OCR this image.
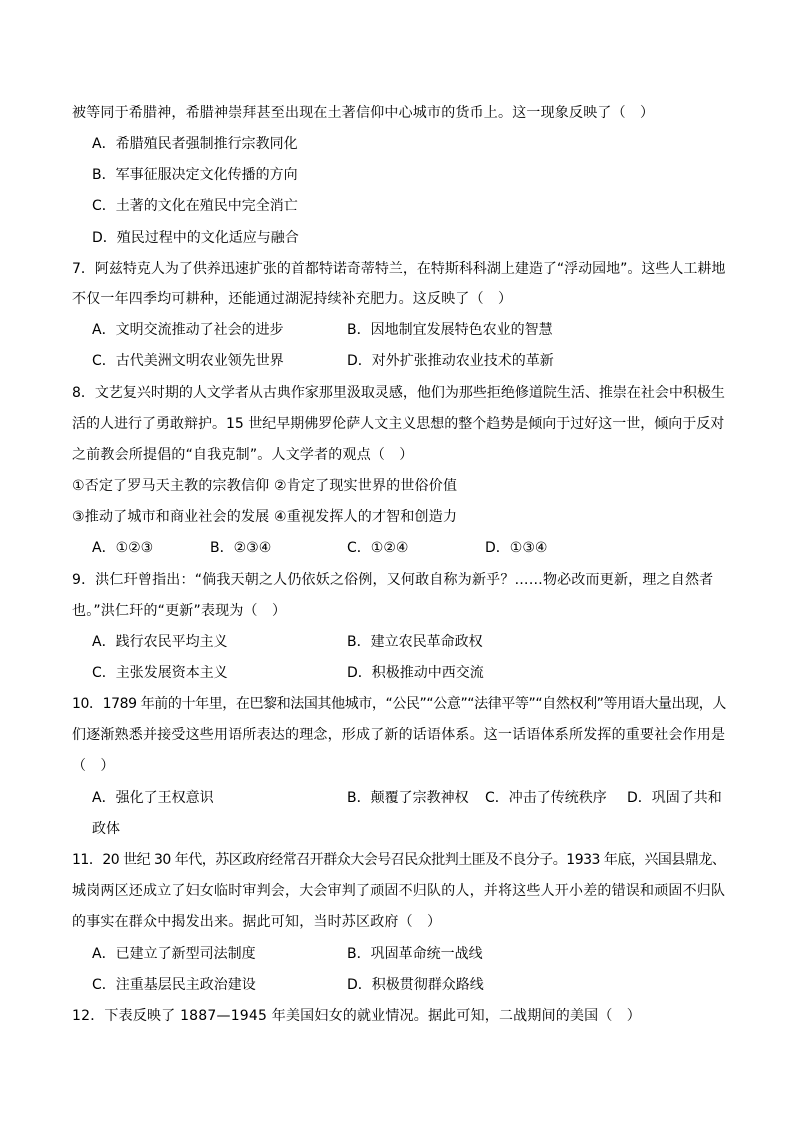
被等同于希腊神，希腊神崇拜甚至出现在土著信仰中心城市的货币上。这一现象反映了（　）
A．希腊殖民者强制推行宗教同化
B．军事征服决定文化传播的方向
C．土著的文化在殖民中完全消亡
D．殖民过程中的文化适应与融合
7．阿兹特克人为了供养迅速扩张的首都特诺奇蒂特兰，在特斯科科湖上建造了“浮动园地”。这些人工耕地
不仅一年四季均可耕种，还能通过湖泥持续补充肥力。这反映了（　）
A．文明交流推动了社会的进步	B．因地制宜发展特色农业的智慧
C．古代美洲文明农业领先世界	D．对外扩张推动农业技术的革新
8．文艺复兴时期的人文学者从古典作家那里汲取灵感，他们为那些拒绝修道院生活、推崇在社会中积极生
活的人进行了勇敢辩护。15 世纪早期佛罗伦萨人文主义思想的整个趋势是倾向于过好这一世，倾向于反对
之前教会所提倡的“自我克制”。人文学者的观点（　）
①否定了罗马天主教的宗教信仰 ②肯定了现实世界的世俗价值
③推动了城市和商业社会的发展 ④重视发挥人的才智和创造力
A．①②③	B．②③④	C．①②④	D．①③④
9．洪仁玕曾指出：“倘我天朝之人仍依妖之俗例，又何敢自称为新乎？……物必改而更新，理之自然者
也。”洪仁玕的“更新”表现为（　）
A．践行农民平均主义	B．建立农民革命政权
C．主张发展资本主义	D．积极推动中西交流
10．1789 年前的十年里，在巴黎和法国其他城市，“公民”“公意”“法律平等”“自然权利”等用语大量出现，人
们逐渐熟悉并接受这些用语所表达的理念，形成了新的话语体系。这一话语体系所发挥的重要社会作用是
（　）
A．强化了王权意识	B．颠覆了宗教神权 C．冲击了传统秩序 D．巩固了共和
政体
11．20 世纪 30 年代，苏区政府经常召开群众大会号召民众批判土匪及不良分子。1933 年底，兴国县鼎龙、
城岗两区还成立了妇女临时审判会，大会审判了顽固不归队的人，并将这些人开小差的错误和顽固不归队
的事实在群众中揭发出来。据此可知，当时苏区政府（　）
A．已建立了新型司法制度	B．巩固革命统一战线
C．注重基层民主政治建设	D．积极贯彻群众路线
12．下表反映了 1887—1945 年美国妇女的就业情况。据此可知，二战期间的美国（　）
